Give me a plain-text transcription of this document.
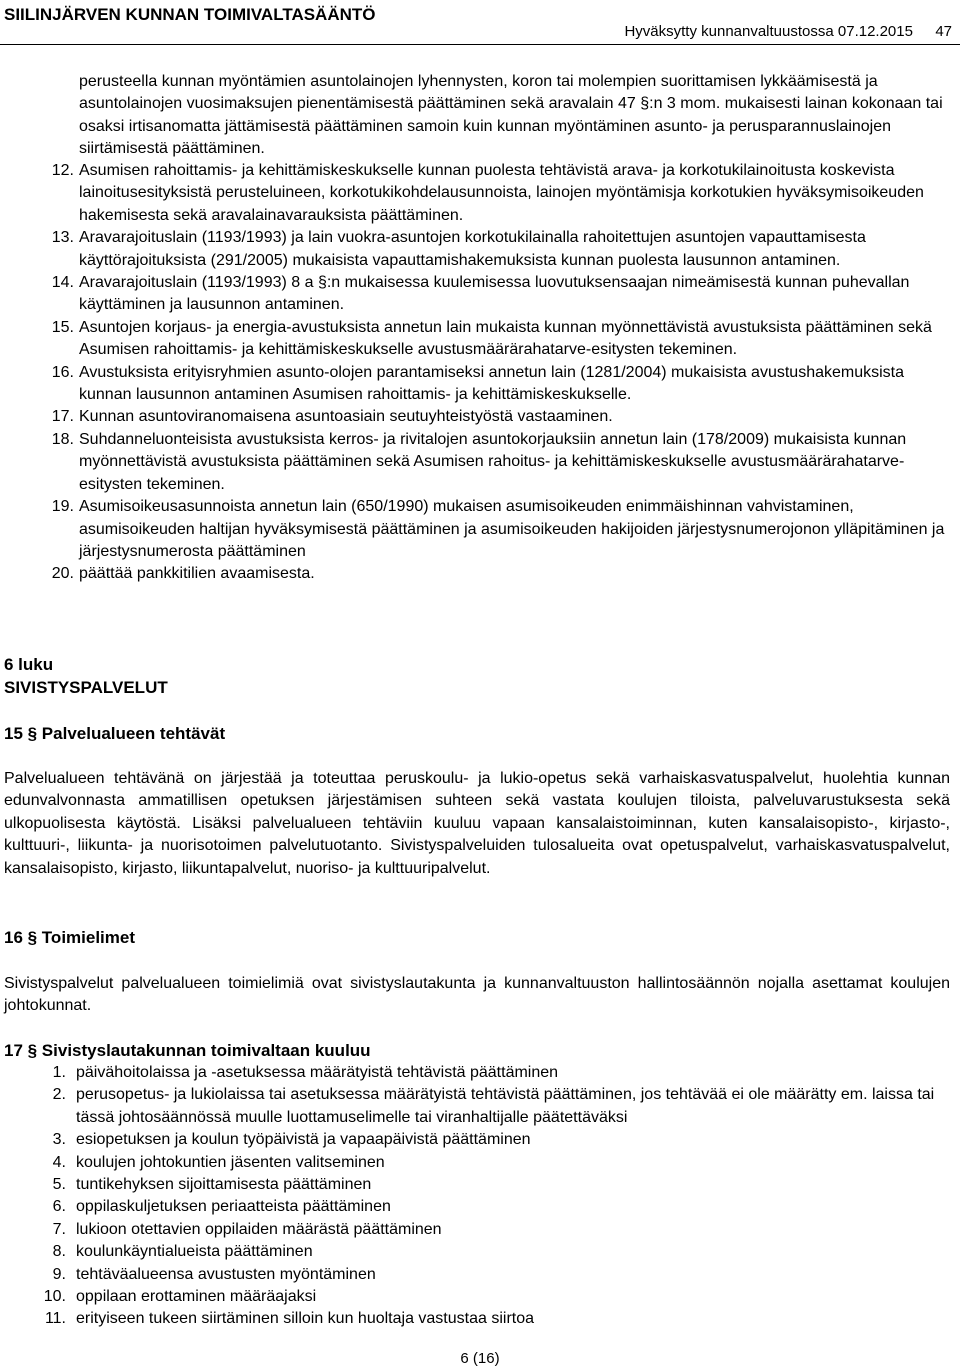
SIILINJÄRVEN KUNNAN TOIMIVALTASÄÄNTÖ
Hyväksytty kunnanvaltuustossa 07.12.2015 47
perusteella kunnan myöntämien asuntolainojen lyhennysten, koron tai molempien suorittamisen lykkäämisestä ja asuntolainojen vuosimaksujen pienentämisestä päättäminen sekä aravalain 47 §:n 3 mom. mukaisesti lainan kokonaan tai osaksi irtisanomatta jättämisestä päättäminen samoin kuin kunnan myöntäminen asunto- ja perusparannuslainojen siirtämisestä päättäminen.
12. Asumisen rahoittamis- ja kehittämiskeskukselle kunnan puolesta tehtävistä arava- ja korkotukilainoitusta koskevista lainoitusesityksistä perusteluineen, korkotukikohdelausunnoista, lainojen myöntämisja korkotukien hyväksymisoikeuden hakemisesta sekä aravalainavarauksista päättäminen.
13. Aravarajoituslain (1193/1993) ja lain vuokra-asuntojen korkotukilainalla rahoitettujen asuntojen vapauttamisesta käyttörajoituksista (291/2005) mukaisista vapauttamishakemuksista kunnan puolesta lausunnon antaminen.
14. Aravarajoituslain (1193/1993) 8 a §:n mukaisessa kuulemisessa luovutuksensaajan nimeämisestä kunnan puhevallan käyttäminen ja lausunnon antaminen.
15. Asuntojen korjaus- ja energia-avustuksista annetun lain mukaista kunnan myönnettävistä avustuksista päättäminen sekä Asumisen rahoittamis- ja kehittämiskeskukselle avustusmäärärahatarve-esitysten tekeminen.
16. Avustuksista erityisryhmien asunto-olojen parantamiseksi annetun lain (1281/2004) mukaisista avustushakemuksista kunnan lausunnon antaminen Asumisen rahoittamis- ja kehittämiskeskukselle.
17. Kunnan asuntoviranomaisena asuntoasiain seutuyhteistyöstä vastaaminen.
18. Suhdanneluonteisista avustuksista kerros- ja rivitalojen asuntokorjauksiin annetun lain (178/2009) mukaisista kunnan myönnettävistä avustuksista päättäminen sekä Asumisen rahoitus- ja kehittämiskeskukselle avustusmäärärahatarve-esitysten tekeminen.
19. Asumisoikeusasunnoista annetun lain (650/1990) mukaisen asumisoikeuden enimmäishinnan vahvistaminen, asumisoikeuden haltijan hyväksymisestä päättäminen ja asumisoikeuden hakijoiden järjestysnumerojonon ylläpitäminen ja järjestysnumerosta päättäminen
20. päättää pankkitilien avaamisesta.
6 luku
SIVISTYSPALVELUT
15 § Palvelualueen tehtävät
Palvelualueen tehtävänä on järjestää ja toteuttaa peruskoulu- ja lukio-opetus sekä varhaiskasvatuspalvelut, huolehtia kunnan edunvalvonnasta ammatillisen opetuksen järjestämisen suhteen sekä vastata koulujen tiloista, palveluvarustuksesta sekä ulkopuolisesta käytöstä. Lisäksi palvelualueen tehtäviin kuuluu vapaan kansalaistoiminnan, kuten kansalaisopisto-, kirjasto-, kulttuuri-, liikunta- ja nuorisotoimen palvelutuotanto. Sivistyspalveluiden tulosalueita ovat opetuspalvelut, varhaiskasvatuspalvelut, kansalaisopisto, kirjasto, liikuntapalvelut, nuoriso- ja kulttuuripalvelut.
16 § Toimielimet
Sivistyspalvelut palvelualueen toimielimiä ovat sivistyslautakunta ja kunnanvaltuuston hallintosäännön nojalla asettamat koulujen johtokunnat.
17 § Sivistyslautakunnan toimivaltaan kuuluu
1. päivähoitolaissa ja -asetuksessa määrätyistä tehtävistä päättäminen
2. perusopetus- ja lukiolaissa tai asetuksessa määrätyistä tehtävistä päättäminen, jos tehtävää ei ole määrätty em. laissa tai tässä johtosäännössä muulle luottamuselimelle tai viranhaltijalle päätettäväksi
3. esiopetuksen ja koulun työpäivistä ja vapaapäivistä päättäminen
4. koulujen johtokuntien jäsenten valitseminen
5. tuntikehyksen sijoittamisesta päättäminen
6. oppilaskuljetuksen periaatteista päättäminen
7. lukioon otettavien oppilaiden määrästä päättäminen
8. koulunkäyntialueista päättäminen
9. tehtäväalueensa avustusten myöntäminen
10. oppilaan erottaminen määräajaksi
11. erityiseen tukeen siirtäminen silloin kun huoltaja vastustaa siirtoa
6 (16)
